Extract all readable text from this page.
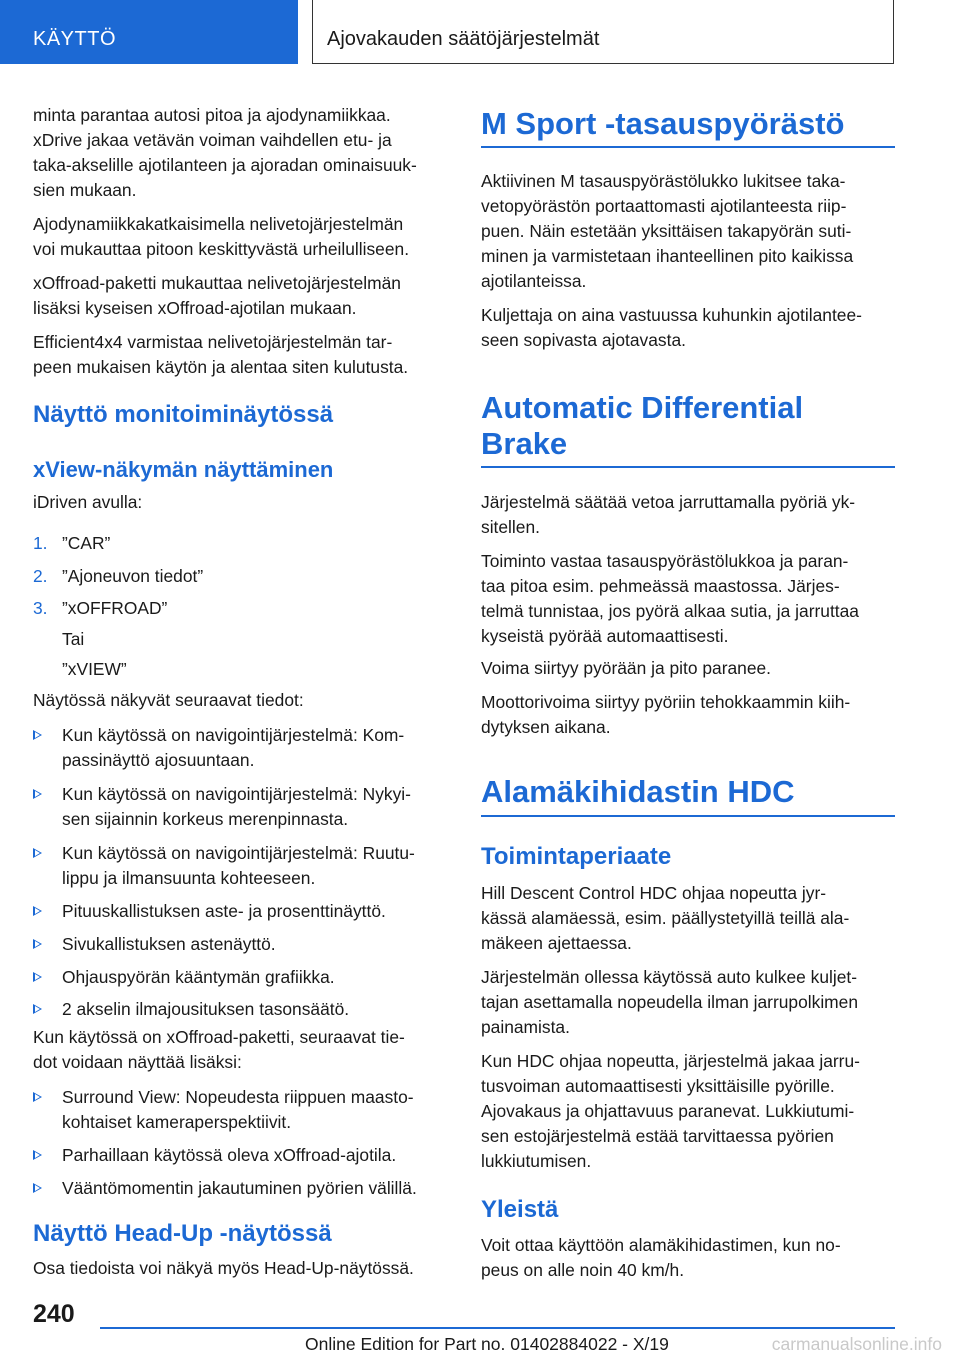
KÄYTTÖ	Ajovakauden säätöjärjestelmät

minta parantaa autosi pitoa ja ajodynamiikkaa.

xDrive jakaa vetävän voiman vaihdellen etu- ja

taka-akselille ajotilanteen ja ajoradan ominaisuuk-

sien mukaan.

Ajodynamiikkakatkaisimella nelivetojärjestelmän

voi mukauttaa pitoon keskittyvästä urheilulliseen.

xOffroad-paketti mukauttaa nelivetojärjestelmän

lisäksi kyseisen xOffroad-ajotilan mukaan.

Efficient4x4 varmistaa nelivetojärjestelmän tar-

peen mukaisen käytön ja alentaa siten kulutusta.

Näyttö monitoiminäytössä
xView-näkymän näyttäminen

iDriven avulla:

1. ”CAR”
2. ”Ajoneuvon tiedot”
3. ”xOFFROAD”
Tai
”xVIEW”

Näytössä näkyvät seuraavat tiedot:

Kun käytössä on navigointijärjestelmä: Kom-
passinäyttö ajosuuntaan.
Kun käytössä on navigointijärjestelmä: Nykyi-
sen sijainnin korkeus merenpinnasta.
Kun käytössä on navigointijärjestelmä: Ruutu-
lippu ja ilmansuunta kohteeseen.
Pituuskallistuksen aste- ja prosenttinäyttö.
Sivukallistuksen astenäyttö.
Ohjauspyörän kääntymän grafiikka.
2 akselin ilmajousituksen tasonsäätö.

Kun käytössä on xOffroad-paketti, seuraavat tie-

dot voidaan näyttää lisäksi:

Surround View: Nopeudesta riippuen maasto-
kohtaiset kameraperspektiivit.
Parhaillaan käytössä oleva xOffroad-ajotila.
Vääntömomentin jakautuminen pyörien välillä.
Näyttö Head-Up -näytössä

Osa tiedoista voi näkyä myös Head-Up-näytössä.

M Sport -tasauspyörästö

Aktiivinen M tasauspyörästölukko lukitsee taka-

vetopyörästön portaattomasti ajotilanteesta riip-

puen. Näin estetään yksittäisen takapyörän suti-

minen ja varmistetaan ihanteellinen pito kaikissa

ajotilanteissa.

Kuljettaja on aina vastuussa kuhunkin ajotilantee-

seen sopivasta ajotavasta.

Automatic Differential
Brake

Järjestelmä säätää vetoa jarruttamalla pyöriä yk-

sitellen.

Toiminto vastaa tasauspyörästölukkoa ja paran-

taa pitoa esim. pehmeässä maastossa. Järjes-

telmä tunnistaa, jos pyörä alkaa sutia, ja jarruttaa

kyseistä pyörää automaattisesti.

Voima siirtyy pyörään ja pito paranee.

Moottorivoima siirtyy pyöriin tehokkaammin kiih-

dytyksen aikana.

Alamäkihidastin HDC
Toimintaperiaate

Hill Descent Control HDC ohjaa nopeutta jyr-

kässä alamäessä, esim. päällystetyillä teillä ala-

mäkeen ajettaessa.

Järjestelmän ollessa käytössä auto kulkee kuljet-

tajan asettamalla nopeudella ilman jarrupolkimen

painamista.

Kun HDC ohjaa nopeutta, järjestelmä jakaa jarru-

tusvoiman automaattisesti yksittäisille pyörille.

Ajovakaus ja ohjattavuus paranevat. Lukkiutumi-

sen estojärjestelmä estää tarvittaessa pyörien

lukkiutumisen.

Yleistä

Voit ottaa käyttöön alamäkihidastimen, kun no-

peus on alle noin 40 km/h.

240
Online Edition for Part no. 01402884022 - X/19	carmanualsonline.info
